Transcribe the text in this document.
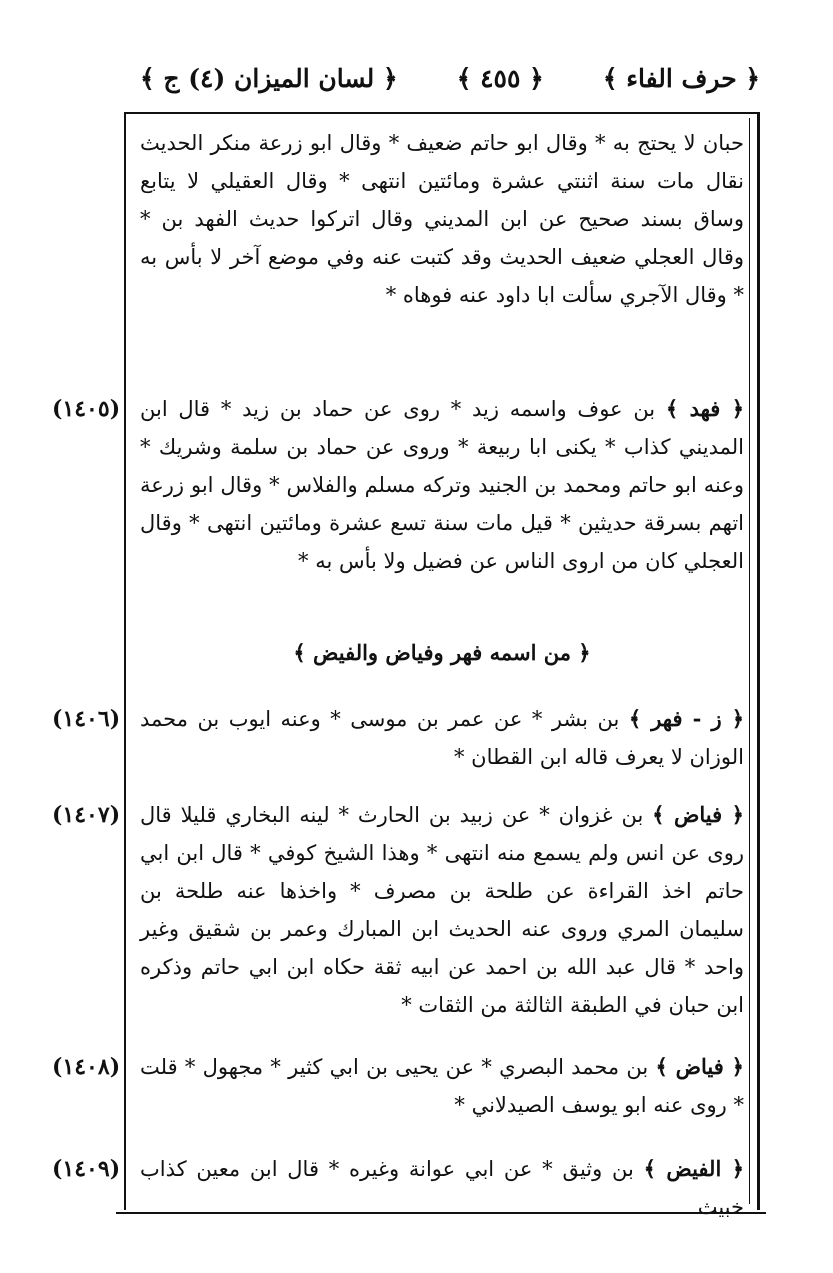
﴿ حرف الفاء ﴾
﴿ ٤٥٥ ﴾
﴿ لسان الميزان (٤) ج ﴾

حبان لا يحتج به * وقال ابو حاتم ضعيف * وقال ابو زرعة منكر الحديث نقال مات سنة اثنتي عشرة ومائتين انتهى * وقال العقيلي لا يتابع وساق بسند صحيح عن ابن المديني وقال اتركوا حديث الفهد بن * وقال العجلي ضعيف الحديث وقد كتبت عنه وفي موضع آخر لا بأس به * وقال الآجري سألت ابا داود عنه فوهاه *

(١٤٠٥)	﴿ فهد ﴾ بن عوف واسمه زيد * روى عن حماد بن زيد * قال ابن المديني كذاب * يكنى ابا ربيعة * وروى عن حماد بن سلمة وشريك * وعنه ابو حاتم ومحمد بن الجنيد وتركه مسلم والفلاس * وقال ابو زرعة اتهم بسرقة حديثين * قيل مات سنة تسع عشرة ومائتين انتهى * وقال العجلي كان من اروى الناس عن فضيل ولا بأس به *

﴿ من اسمه فهر وفياض والفيض ﴾
(١٤٠٦)	﴿ ز - فهر ﴾ بن بشر * عن عمر بن موسى * وعنه ايوب بن محمد الوزان لا يعرف قاله ابن القطان *

(١٤٠٧)	﴿ فياض ﴾ بن غزوان * عن زبيد بن الحارث * لينه البخاري قليلا قال روى عن انس ولم يسمع منه انتهى * وهذا الشيخ كوفي * قال ابن ابي حاتم اخذ القراءة عن طلحة بن مصرف * واخذها عنه طلحة بن سليمان المري وروى عنه الحديث ابن المبارك وعمر بن شقيق وغير واحد * قال عبد الله بن احمد عن ابيه ثقة حكاه ابن ابي حاتم وذكره ابن حبان في الطبقة الثالثة من الثقات *

(١٤٠٨)	﴿ فياض ﴾ بن محمد البصري * عن يحيى بن ابي كثير * مجهول * قلت * روى عنه ابو يوسف الصيدلاني *

(١٤٠٩)	﴿ الفيض ﴾ بن وثيق * عن ابي عوانة وغيره * قال ابن معين كذاب خبيث
